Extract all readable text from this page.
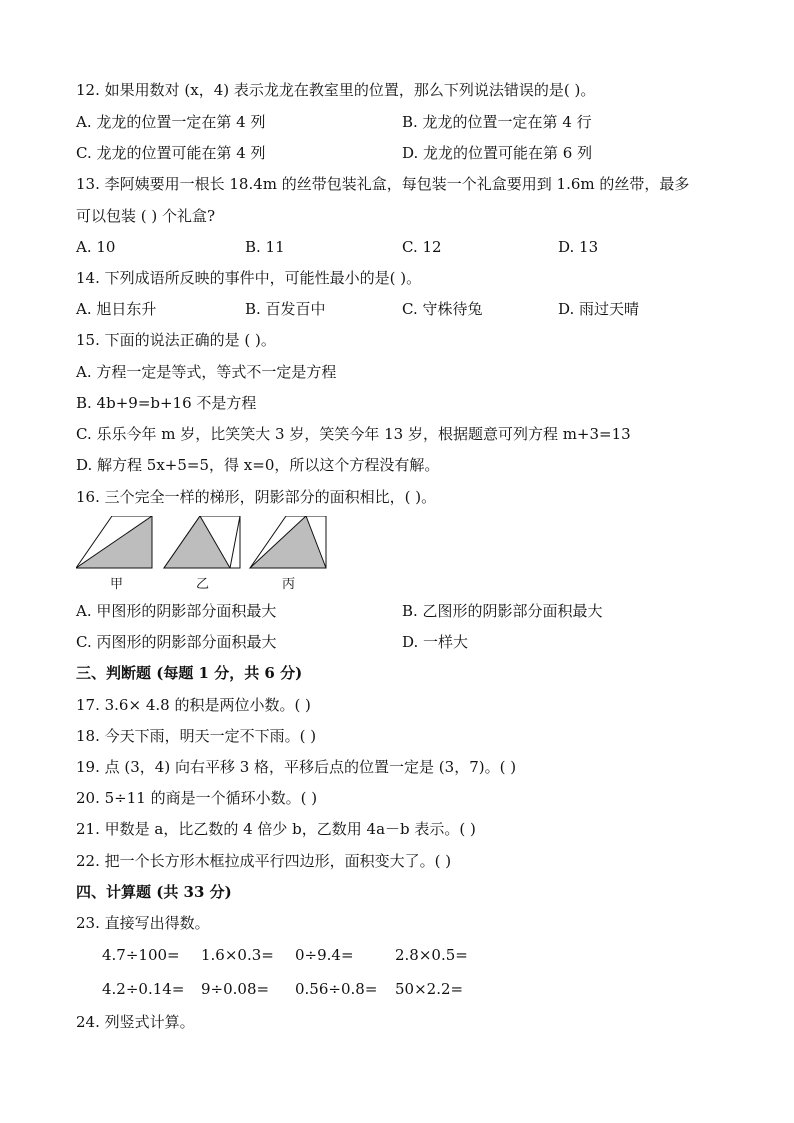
12. 如果用数对 (x，4) 表示龙龙在教室里的位置，那么下列说法错误的是( )。
A. 龙龙的位置一定在第 4 列	B. 龙龙的位置一定在第 4 行
C. 龙龙的位置可能在第 4 列	D. 龙龙的位置可能在第 6 列
13. 李阿姨要用一根长 18.4m 的丝带包装礼盒，每包装一个礼盒要用到 1.6m 的丝带，最多
可以包装 ( ) 个礼盒?
A. 10	B. 11	C. 12	D. 13
14. 下列成语所反映的事件中，可能性最小的是( )。
A. 旭日东升	B. 百发百中	C. 守株待兔	D. 雨过天晴
15. 下面的说法正确的是 ( )。
A. 方程一定是等式，等式不一定是方程
B. 4b+9=b+16 不是方程
C. 乐乐今年 m 岁，比笑笑大 3 岁，笑笑今年 13 岁，根据题意可列方程 m+3=13
D. 解方程 5x+5=5，得 x=0，所以这个方程没有解。
16. 三个完全一样的梯形，阴影部分的面积相比，( )。
甲	乙	丙
A. 甲图形的阴影部分面积最大	B. 乙图形的阴影部分面积最大
C. 丙图形的阴影部分面积最大	D. 一样大
三、判断题 (每题 1 分，共 6 分)
17. 3.6× 4.8 的积是两位小数。( )
18. 今天下雨，明天一定不下雨。( )
19. 点 (3，4) 向右平移 3 格，平移后点的位置一定是 (3，7)。( )
20. 5÷11 的商是一个循环小数。( )
21. 甲数是 a，比乙数的 4 倍少 b，乙数用 4a－b 表示。( )
22. 把一个长方形木框拉成平行四边形，面积变大了。( )
四、计算题 (共 33 分)
23. 直接写出得数。
4.7÷100= 1.6×0.3= 0÷9.4=	2.8×0.5=
4.2÷0.14= 9÷0.08= 0.56÷0.8= 50×2.2=
24. 列竖式计算。
